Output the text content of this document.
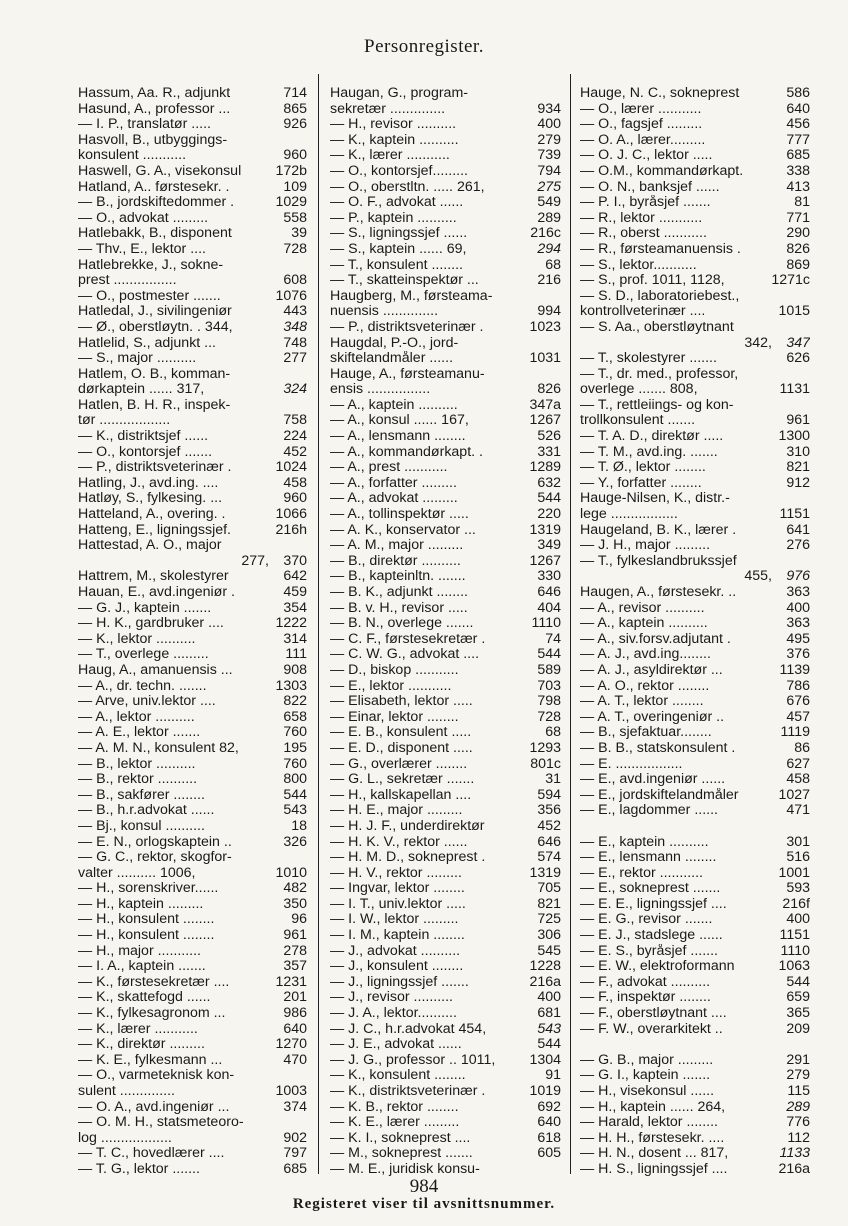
Personregister.
Hassum, Aa. R., adjunkt	714
Hasund, A., professor ...	865
— I. P., translatør .....	926
Hasvoll, B., utbyggings-
konsulent ...........	960
Haswell, G. A., visekonsul	172b
Hatland, A.. førstesekr. .	109
— B., jordskiftedommer .	1029
— O., advokat .........	558
Hatlebakk, B., disponent	39
— Thv., E., lektor ....	728
Hatlebrekke, J., sokne-
prest ................	608
— O., postmester .......	1076
Hatledal, J., sivilingeniør	443
— Ø., oberstløytn. . 344,	348
Hatlelid, S., adjunkt ...	748
— S., major ..........	277
Hatlem, O. B., komman-
dørkaptein ...... 317,	324
Hatlen, B. H. R., inspek-
tør ..................	758
— K., distriktsjef ......	224
— O., kontorsjef .......	452
— P., distriktsveterinær .	1024
Hatling, J., avd.ing. ....	458
Hatløy, S., fylkesing. ...	960
Hatteland, A., overing. .	1066
Hatteng, E., ligningssjef.	216h
Hattestad, A. O., major
277,	370
Hattrem, M., skolestyrer	642
Hauan, E., avd.ingeniør .	459
— G. J., kaptein .......	354
— H. K., gardbruker ....	1222
— K., lektor ..........	314
— T., overlege .........	111
Haug, A., amanuensis ...	908
— A., dr. techn. .......	1303
— Arve, univ.lektor ....	822
— A., lektor ..........	658
— A. E., lektor .......	760
— A. M. N., konsulent 82,	195
— B., lektor ..........	760
— B., rektor ..........	800
— B., sakfører ........	544
— B., h.r.advokat ......	543
— Bj., konsul ..........	18
— E. N., orlogskaptein ..	326
— G. C., rektor, skogfor-
valter .......... 1006,	1010
— H., sorenskriver......	482
— H., kaptein .........	350
— H., konsulent ........	96
— H., konsulent ........	961
— H., major ...........	278
— I. A., kaptein .......	357
— K., førstesekretær ....	1231
— K., skattefogd ......	201
— K., fylkesagronom ...	986
— K., lærer ...........	640
— K., direktør .........	1270
— K. E., fylkesmann ...	470
— O., varmeteknisk kon-
sulent ..............	1003
— O. A., avd.ingeniør ...	374
— O. M. H., statsmeteoro-
log ..................	902
— T. C., hovedlærer ....	797
— T. G., lektor .......	685
Haugan, G., program-
sekretær ..............	934
— H., revisor ..........	400
— K., kaptein ..........	279
— K., lærer ...........	739
— O., kontorsjef.........	794
— O., oberstltn. ..... 261,	275
— O. F., advokat ......	549
— P., kaptein ..........	289
— S., ligningssjef ......	216c
— S., kaptein ...... 69,	294
— T., konsulent ........	68
— T., skatteinspektør ...	216
Haugberg, M., førsteama-
nuensis ..............	994
— P., distriktsveterinær .	1023
Haugdal, P.-O., jord-
skiftelandmåler ......	1031
Hauge, A., førsteamanu-
ensis ................	826
— A., kaptein ..........	347a
— A., konsul ...... 167,	1267
— A., lensmann ........	526
— A., kommandørkapt. .	331
— A., prest ...........	1289
— A., forfatter .........	632
— A., advokat .........	544
— A., tollinspektør .....	220
— A. K., konservator ...	1319
— A. M., major .........	349
— B., direktør ..........	1267
— B., kapteinltn. .......	330
— B. K., adjunkt ........	646
— B. v. H., revisor .....	404
— B. N., overlege .......	1110
— C. F., førstesekretær .	74
— C. W. G., advokat ....	544
— D., biskop ...........	589
— E., lektor ...........	703
— Elisabeth, lektor .....	798
— Einar, lektor ........	728
— E. B., konsulent .....	68
— E. D., disponent .....	1293
— G., overlærer ........	801c
— G. L., sekretær .......	31
— H., kallskapellan ....	594
— H. E., major .........	356
— H. J. F., underdirektør	452
— H. K. V., rektor ......	646
— H. M. D., sokneprest .	574
— H. V., rektor .........	1319
— Ingvar, lektor ........	705
— I. T., univ.lektor .....	821
— I. W., lektor .........	725
— I. M., kaptein ........	306
— J., advokat ..........	545
— J., konsulent ........	1228
— J., ligningssjef .......	216a
— J., revisor ..........	400
— J. A., lektor..........	681
— J. C., h.r.advokat 454,	543
— J. E., advokat ......	544
— J. G., professor .. 1011,	1304
— K., konsulent ........	91
— K., distriktsveterinær .	1019
— K. B., rektor ........	692
— K. E., lærer .........	640
— K. I., sokneprest ....	618
— M., sokneprest .......	605
— M. E., juridisk konsu-
Hauge, N. C., sokneprest	586
— O., lærer ...........	640
— O., fagsjef .........	456
— O. A., lærer.........	777
— O. J. C., lektor .....	685
— O.M., kommandørkapt.	338
— O. N., banksjef ......	413
— P. I., byråsjef .......	81
— R., lektor ...........	771
— R., oberst ...........	290
— R., førsteamanuensis .	826
— S., lektor...........	869
— S., prof. 1011, 1128,	1271c
— S. D., laboratoriebest.,
kontrollveterinær ....	1015
— S. Aa., oberstløytnant
342,	347
— T., skolestyrer .......	626
— T., dr. med., professor,
overlege ....... 808,	1131
— T., rettleiings- og kon-
trollkonsulent .......	961
— T. A. D., direktør .....	1300
— T. M., avd.ing. .......	310
— T. Ø., lektor ........	821
— Y., forfatter ........	912
Hauge-Nilsen, K., distr.-
lege .................	1151
Haugeland, B. K., lærer .	641
— J. H., major .........	276
— T., fylkeslandbrukssjef
455,	976
Haugen, A., førstesekr. ..	363
— A., revisor ..........	400
— A., kaptein ..........	363
— A., siv.forsv.adjutant .	495
— A. J., avd.ing........	376
— A. J., asyldirektør ...	1139
— A. O., rektor ........	786
— A. T., lektor ........	676
— A. T., overingeniør ..	457
— B., sjefaktuar........	1119
— B. B., statskonsulent .	86
— E. .................	627
— E., avd.ingeniør ......	458
— E., jordskiftelandmåler	1027
— E., lagdommer ......	471
— E., kaptein ..........	301
— E., lensmann ........	516
— E., rektor ...........	1001
— E., sokneprest .......	593
— E. E., ligningssjef ....	216f
— E. G., revisor .......	400
— E. J., stadslege ......	1151
— E. S., byråsjef .......	1110
— E. W., elektroformann	1063
— F., advokat ..........	544
— F., inspektør ........	659
— F., oberstløytnant ....	365
— F. W., overarkitekt ..	209
— G. B., major .........	291
— G. I., kaptein .......	279
— H., visekonsul ......	115
— H., kaptein ...... 264,	289
— Harald, lektor ........	776
— H. H., førstesekr. ....	112
— H. N., dosent ... 817,	1133
— H. S., ligningssjef ....	216a
984
Registeret viser til avsnittsnummer.
